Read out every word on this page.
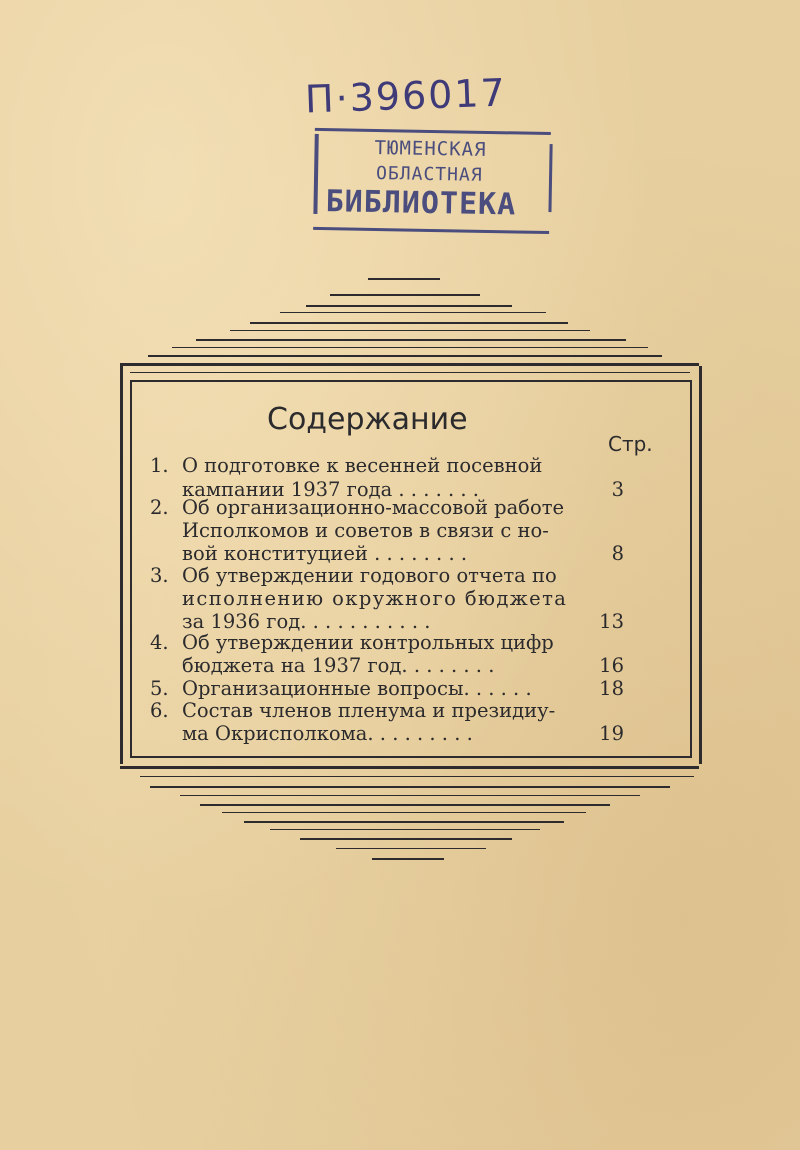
П·396017
ТЮМЕНСКАЯ
ОБЛАСТНАЯ
БИБЛИОТЕКА
Содержание
Стр.
1. О подготовке к весенней посевной
кампании 1937 года . . . . . . .	3
2. Об организационно-массовой работе
Исполкомов и советов в связи с но-
вой конституцией . . . . . . . .	8
3. Об утверждении годового отчета по
исполнению окружного бюджета
за 1936 год. . . . . . . . . . .	13
4. Об утверждении контрольных цифр
бюджета на 1937 год. . . . . . . .	16
5. Организационные вопросы. . . . . .	18
6. Состав членов пленума и президиу-
ма Окрисполкома. . . . . . . . .	19
